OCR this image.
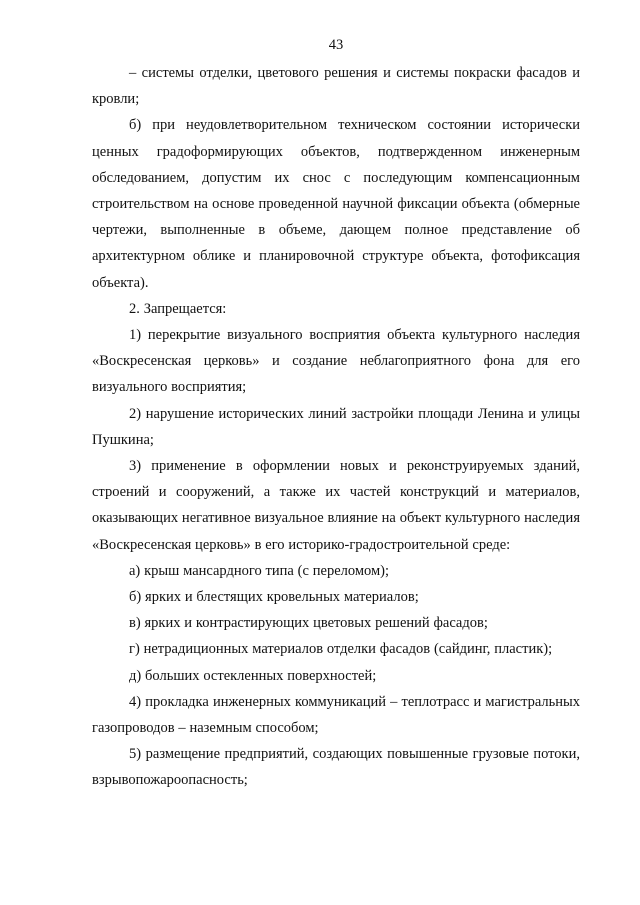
43

– системы отделки, цветового решения и системы покраски фасадов и кровли;

б) при неудовлетворительном техническом состоянии исторически ценных градоформирующих объектов, подтвержденном инженерным обследованием, допустим их снос с последующим компенсационным строительством на основе проведенной научной фиксации объекта (обмерные чертежи, выполненные в объеме, дающем полное представление об архитектурном облике и планировочной структуре объекта, фотофиксация объекта).

2. Запрещается:

1) перекрытие визуального восприятия объекта культурного наследия «Воскресенская церковь» и создание неблагоприятного фона для его визуального восприятия;

2) нарушение исторических линий застройки площади Ленина и улицы Пушкина;

3) применение в оформлении новых и реконструируемых зданий, строений и сооружений, а также их частей конструкций и материалов, оказывающих негативное визуальное влияние на объект культурного наследия «Воскресенская церковь» в его историко-градостроительной среде:

а) крыш мансардного типа (с переломом);

б) ярких и блестящих кровельных материалов;

в) ярких и контрастирующих цветовых решений фасадов;

г) нетрадиционных материалов отделки фасадов (сайдинг, пластик);

д) больших остекленных поверхностей;

4) прокладка инженерных коммуникаций – теплотрасс и магистральных газопроводов – наземным способом;

5) размещение предприятий, создающих повышенные грузовые потоки, взрывопожароопасность;
